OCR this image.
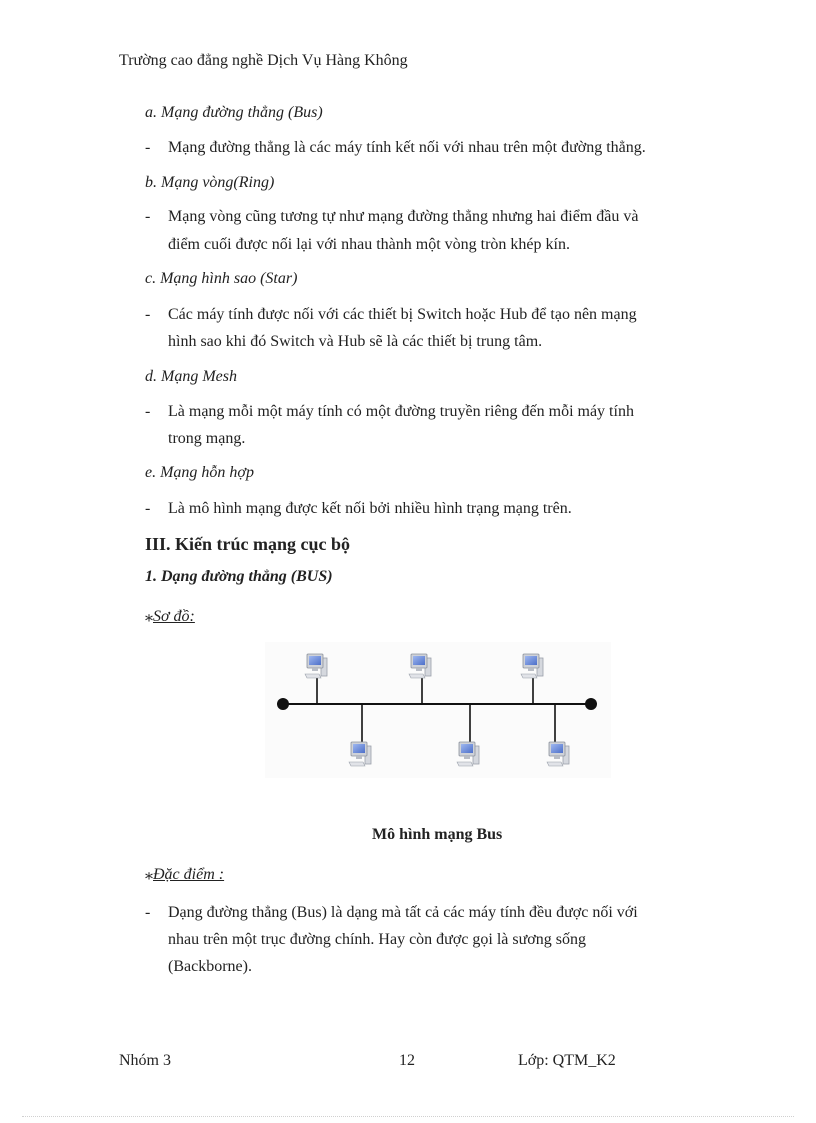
Trường cao đẳng nghề Dịch Vụ Hàng Không
a. Mạng đường thẳng (Bus)
- Mạng đường thẳng là các máy tính kết nối với nhau trên một đường thẳng.
b. Mạng vòng(Ring)
- Mạng vòng cũng tương tự như mạng đường thẳng nhưng hai điểm đầu và
điểm cuối được nối lại với nhau thành một vòng tròn khép kín.
c. Mạng hình sao (Star)
- Các máy tính được nối với các thiết bị Switch hoặc Hub để tạo nên mạng
hình sao khi đó Switch và Hub sẽ là các thiết bị trung tâm.
d. Mạng Mesh
- Là mạng mỗi một máy tính có một đường truyền riêng đến mỗi máy tính
trong mạng.
e. Mạng hỗn hợp
- Là mô hình mạng được kết nối bởi nhiều hình trạng mạng trên.
III. Kiến trúc mạng cục bộ
1. Dạng đường thẳng (BUS)
⁎Sơ đồ:
Mô hình mạng Bus
⁎Đặc điểm :
- Dạng đường thẳng (Bus) là dạng mà tất cả các máy tính đều được nối với
nhau trên một trục đường chính. Hay còn được gọi là sương sống
(Backborne).
Nhóm 3	12	Lớp: QTM_K2
